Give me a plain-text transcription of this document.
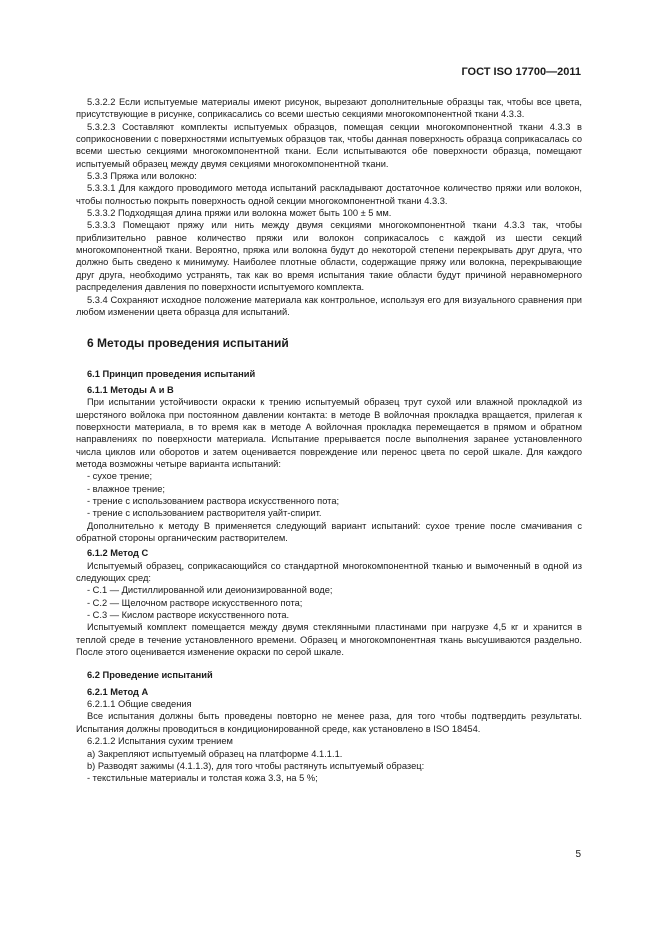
ГОСТ ISO 17700—2011

5.3.2.2 Если испытуемые материалы имеют рисунок, вырезают дополнительные образцы так, чтобы все цвета, присутствующие в рисунке, соприкасались со всеми шестью секциями многокомпонентной ткани 4.3.3.

5.3.2.3 Составляют комплекты испытуемых образцов, помещая секции многокомпонентной ткани 4.3.3 в соприкосновении с поверхностями испытуемых образцов так, чтобы данная поверхность образца соприкасалась со всеми шестью секциями многокомпонентной ткани. Если испытываются обе поверхности образца, помещают испытуемый образец между двумя секциями многокомпонентной ткани.

5.3.3 Пряжа или волокно:

5.3.3.1 Для каждого проводимого метода испытаний раскладывают достаточное количество пряжи или волокон, чтобы полностью покрыть поверхность одной секции многокомпонентной ткани 4.3.3.

5.3.3.2 Подходящая длина пряжи или волокна может быть 100 ± 5 мм.

5.3.3.3 Помещают пряжу или нить между двумя секциями многокомпонентной ткани 4.3.3 так, чтобы приблизительно равное количество пряжи или волокон соприкасалось с каждой из шести секций многокомпонентной ткани. Вероятно, пряжа или волокна будут до некоторой степени перекрывать друг друга, что должно быть сведено к минимуму. Наиболее плотные области, содержащие пряжу или волокна, перекрывающие друг друга, необходимо устранять, так как во время испытания такие области будут причиной неравномерного распределения давления по поверхности испытуемого комплекта.

5.3.4 Сохраняют исходное положение материала как контрольное, используя его для визуального сравнения при любом изменении цвета образца для испытаний.

6 Методы проведения испытаний

6.1 Принцип проведения испытаний

6.1.1 Методы А и В

При испытании устойчивости окраски к трению испытуемый образец трут сухой или влажной прокладкой из шерстяного войлока при постоянном давлении контакта: в методе В войлочная прокладка вращается, прилегая к поверхности материала, в то время как в методе А войлочная прокладка перемещается в прямом и обратном направлениях по поверхности материала. Испытание прерывается после выполнения заранее установленного числа циклов или оборотов и затем оценивается повреждение или перенос цвета по серой шкале. Для каждого метода возможны четыре варианта испытаний:

- сухое трение;

- влажное трение;

- трение с использованием раствора искусственного пота;

- трение с использованием растворителя уайт-спирит.

Дополнительно к методу В применяется следующий вариант испытаний: сухое трение после смачивания с обратной стороны органическим растворителем.

6.1.2 Метод С

Испытуемый образец, соприкасающийся со стандартной многокомпонентной тканью и вымоченный в одной из следующих сред:

- С.1 — Дистиллированной или деионизированной воде;

- С.2 — Щелочном растворе искусственного пота;

- С.3 — Кислом растворе искусственного пота.

Испытуемый комплект помещается между двумя стеклянными пластинами при нагрузке 4,5 кг и хранится в теплой среде в течение установленного времени. Образец и многокомпонентная ткань высушиваются раздельно. После этого оценивается изменение окраски по серой шкале.

6.2 Проведение испытаний

6.2.1 Метод А

6.2.1.1 Общие сведения

Все испытания должны быть проведены повторно не менее раза, для того чтобы подтвердить результаты. Испытания должны проводиться в кондиционированной среде, как установлено в ISO 18454.

6.2.1.2 Испытания сухим трением

а) Закрепляют испытуемый образец на платформе 4.1.1.1.

b) Разводят зажимы (4.1.1.3), для того чтобы растянуть испытуемый образец:

- текстильные материалы и толстая кожа 3.3, на 5 %;

5
